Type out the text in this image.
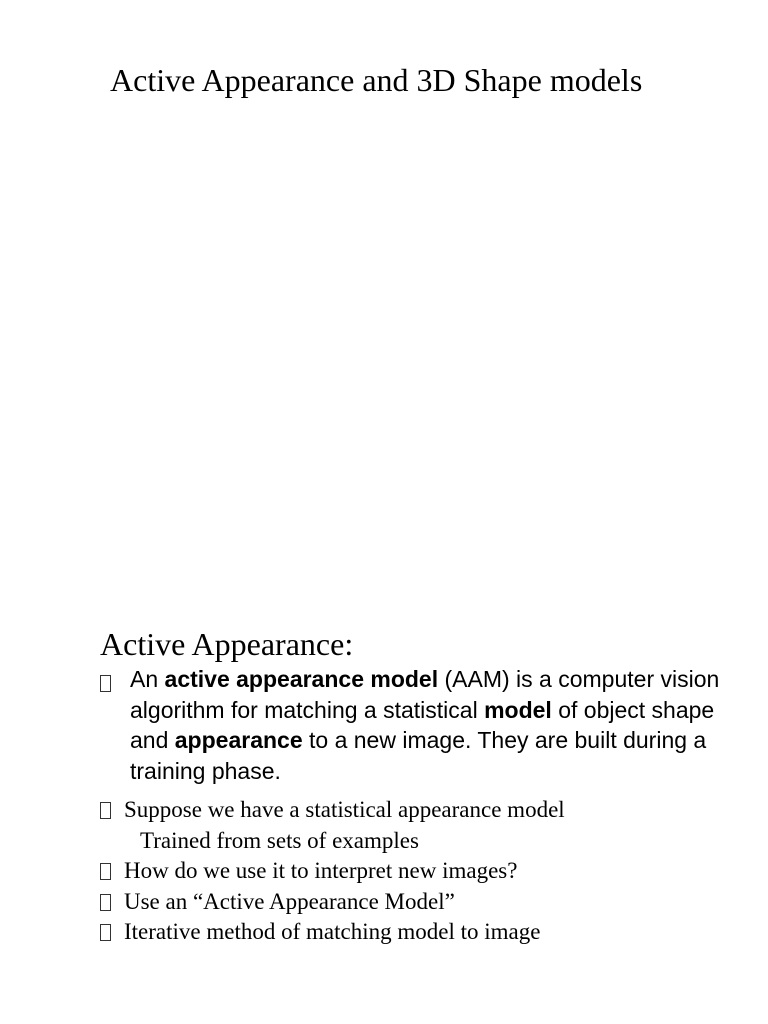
Active Appearance and 3D Shape models
Active Appearance:
An active appearance model (AAM) is a computer vision algorithm for matching a statistical model of object shape and appearance to a new image. They are built during a training phase.
Suppose we have a statistical appearance model
Trained from sets of examples
How do we use it to interpret new images?
Use an “Active Appearance Model”
Iterative method of matching model to image
